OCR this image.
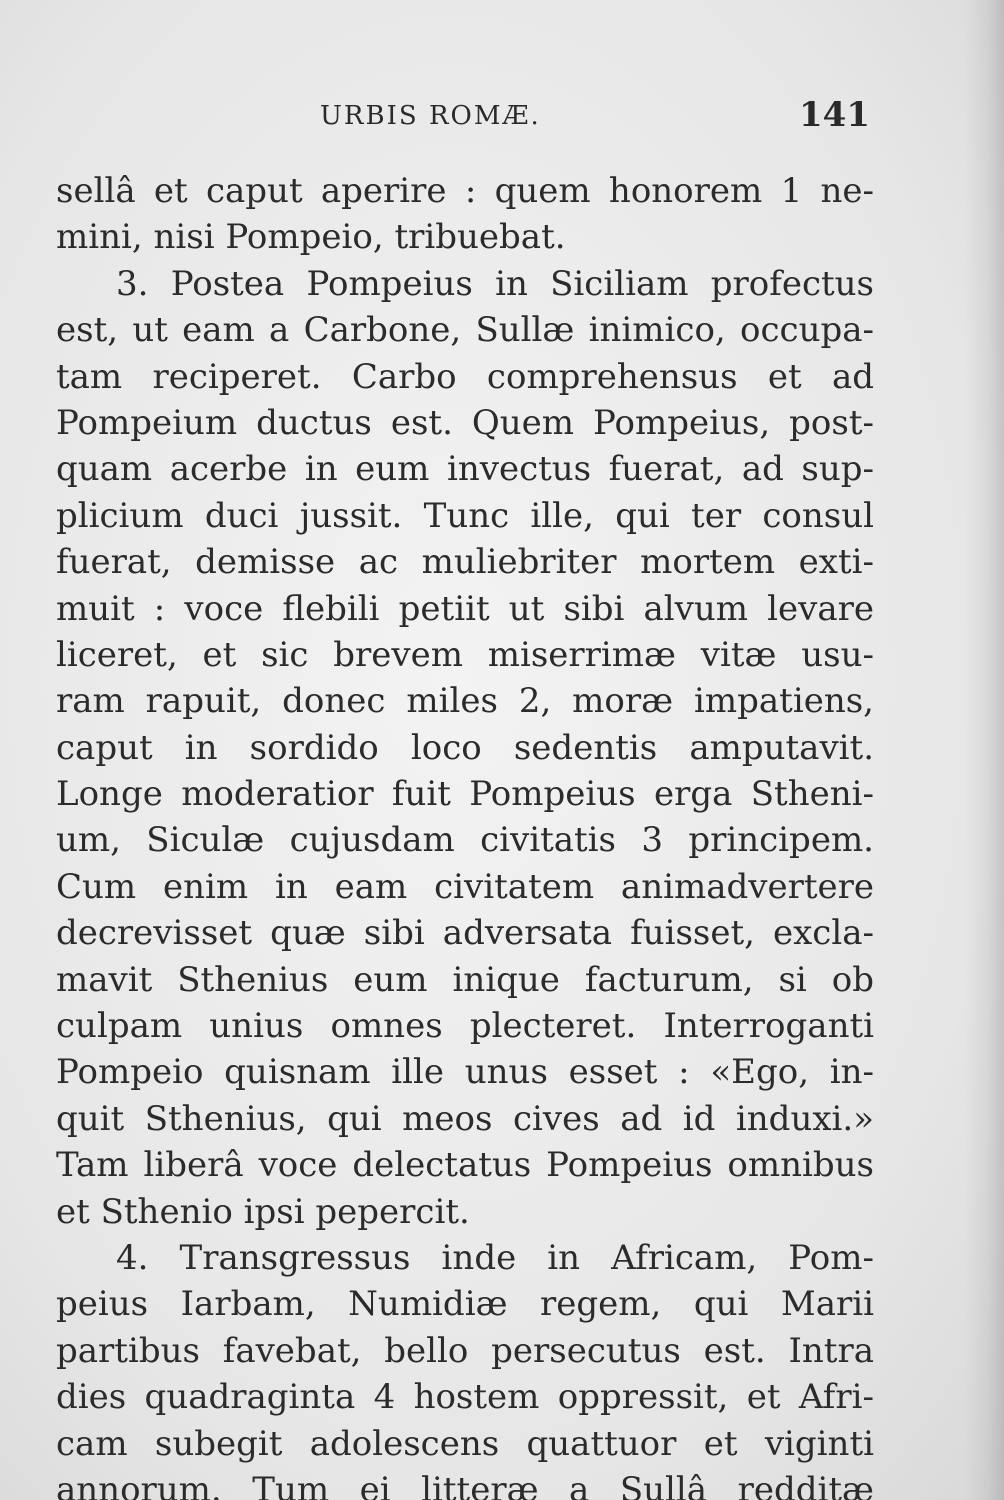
URBIS ROMÆ.	141
sellâ et caput aperire : quem honorem 1 ne-
mini, nisi Pompeio, tribuebat.
3. Postea Pompeius in Siciliam profectus
est, ut eam a Carbone, Sullæ inimico, occupa-
tam reciperet. Carbo comprehensus et ad
Pompeium ductus est. Quem Pompeius, post-
quam acerbe in eum invectus fuerat, ad sup-
plicium duci jussit. Tunc ille, qui ter consul
fuerat, demisse ac muliebriter mortem exti-
muit : voce flebili petiit ut sibi alvum levare
liceret, et sic brevem miserrimæ vitæ usu-
ram rapuit, donec miles 2, moræ impatiens,
caput in sordido loco sedentis amputavit.
Longe moderatior fuit Pompeius erga Stheni-
um, Siculæ cujusdam civitatis 3 principem.
Cum enim in eam civitatem animadvertere
decrevisset quæ sibi adversata fuisset, excla-
mavit Sthenius eum inique facturum, si ob
culpam unius omnes plecteret. Interroganti
Pompeio quisnam ille unus esset : «Ego, in-
quit Sthenius, qui meos cives ad id induxi.»
Tam liberâ voce delectatus Pompeius omnibus
et Sthenio ipsi pepercit.
4. Transgressus inde in Africam, Pom-
peius Iarbam, Numidiæ regem, qui Marii
partibus favebat, bello persecutus est. Intra
dies quadraginta 4 hostem oppressit, et Afri-
cam subegit adolescens quattuor et viginti
annorum. Tum ei litteræ a Sullâ redditæ
